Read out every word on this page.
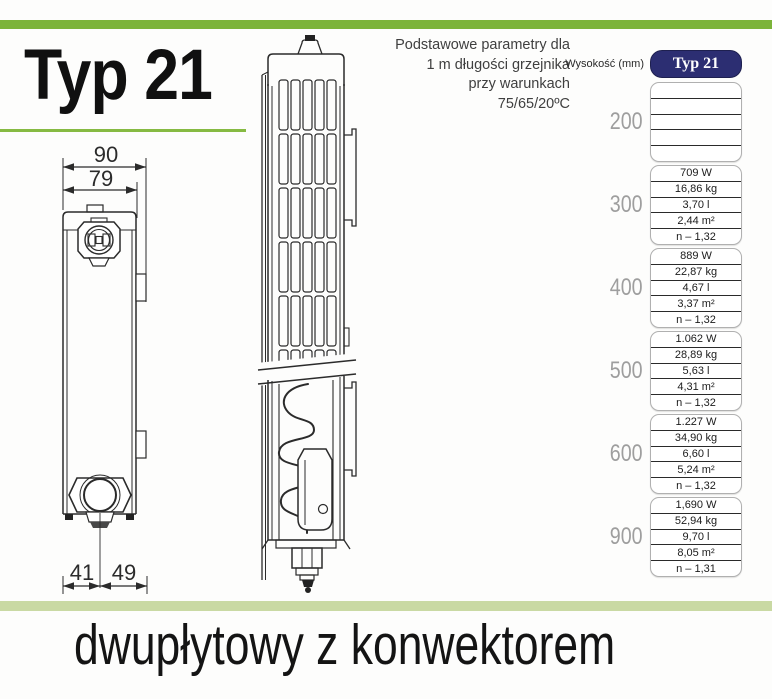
Typ 21	Podstawowe parametry dla
1 m długości grzejnika
przy warunkach
75/65/20ºC
90
79
41 49
Wysokość (mm)	Typ 21
200
300
709 W
16,86 kg
3,70 l
2,44 m²
n – 1,32
400
889 W
22,87 kg
4,67 l
3,37 m²
n – 1,32
500
1.062 W
28,89 kg
5,63 l
4,31 m²
n – 1,32
600
1.227 W
34,90 kg
6,60 l
5,24 m²
n – 1,32
900
1,690 W
52,94 kg
9,70 l
8,05 m²
n – 1,31
dwupłytowy z konwektorem
